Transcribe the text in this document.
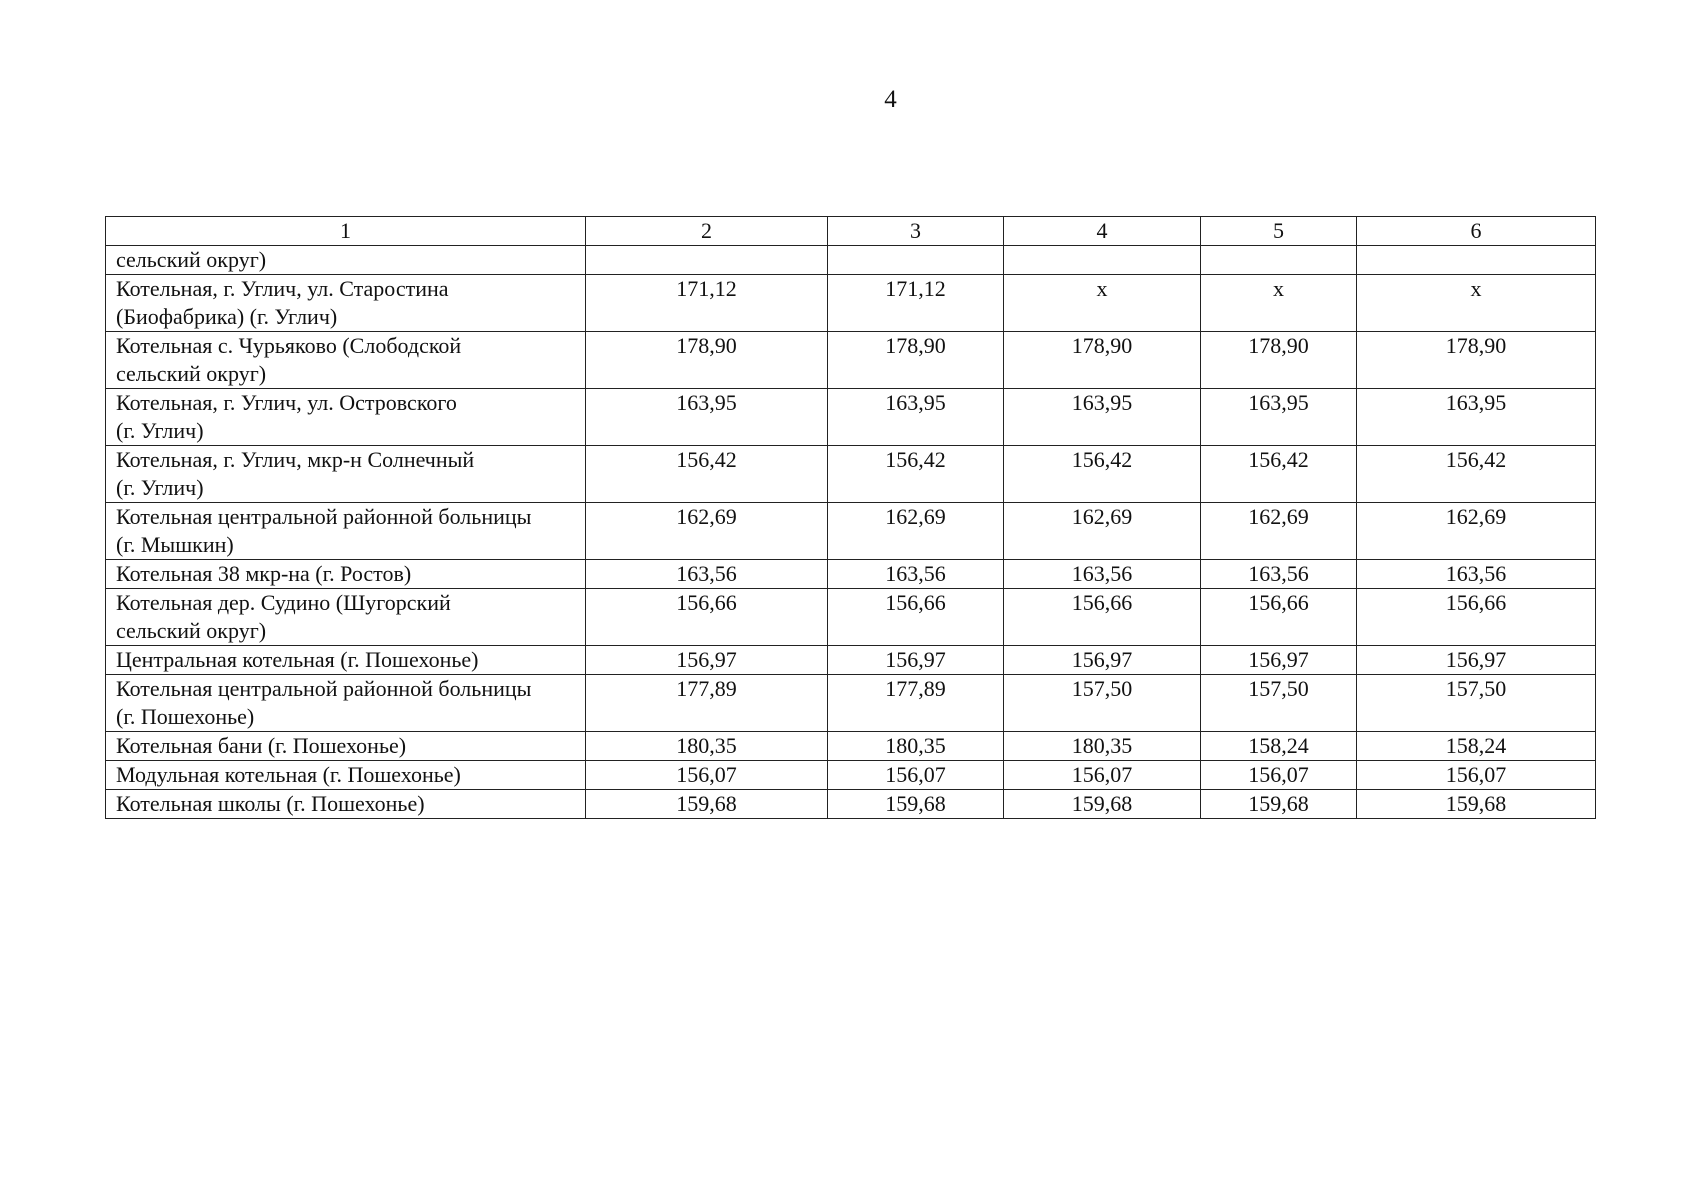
4
1	2	3	4	5	6

сельский округ)					

Котельная, г. Углич, ул. Старостина
(Биофабрика) (г. Углич)	171,12	171,12	х	х	х

Котельная с. Чурьяково (Слободской
сельский округ)	178,90	178,90	178,90	178,90	178,90

Котельная, г. Углич, ул. Островского
(г. Углич)	163,95	163,95	163,95	163,95	163,95

Котельная, г. Углич, мкр-н Солнечный
(г. Углич)	156,42	156,42	156,42	156,42	156,42

Котельная центральной районной больницы
(г. Мышкин)	162,69	162,69	162,69	162,69	162,69

Котельная 38 мкр-на (г. Ростов)	163,56	163,56	163,56	163,56	163,56

Котельная дер. Судино (Шугорский
сельский округ)	156,66	156,66	156,66	156,66	156,66

Центральная котельная (г. Пошехонье)	156,97	156,97	156,97	156,97	156,97

Котельная центральной районной больницы
(г. Пошехонье)	177,89	177,89	157,50	157,50	157,50

Котельная бани (г. Пошехонье)	180,35	180,35	180,35	158,24	158,24

Модульная котельная (г. Пошехонье)	156,07	156,07	156,07	156,07	156,07

Котельная школы (г. Пошехонье)	159,68	159,68	159,68	159,68	159,68
